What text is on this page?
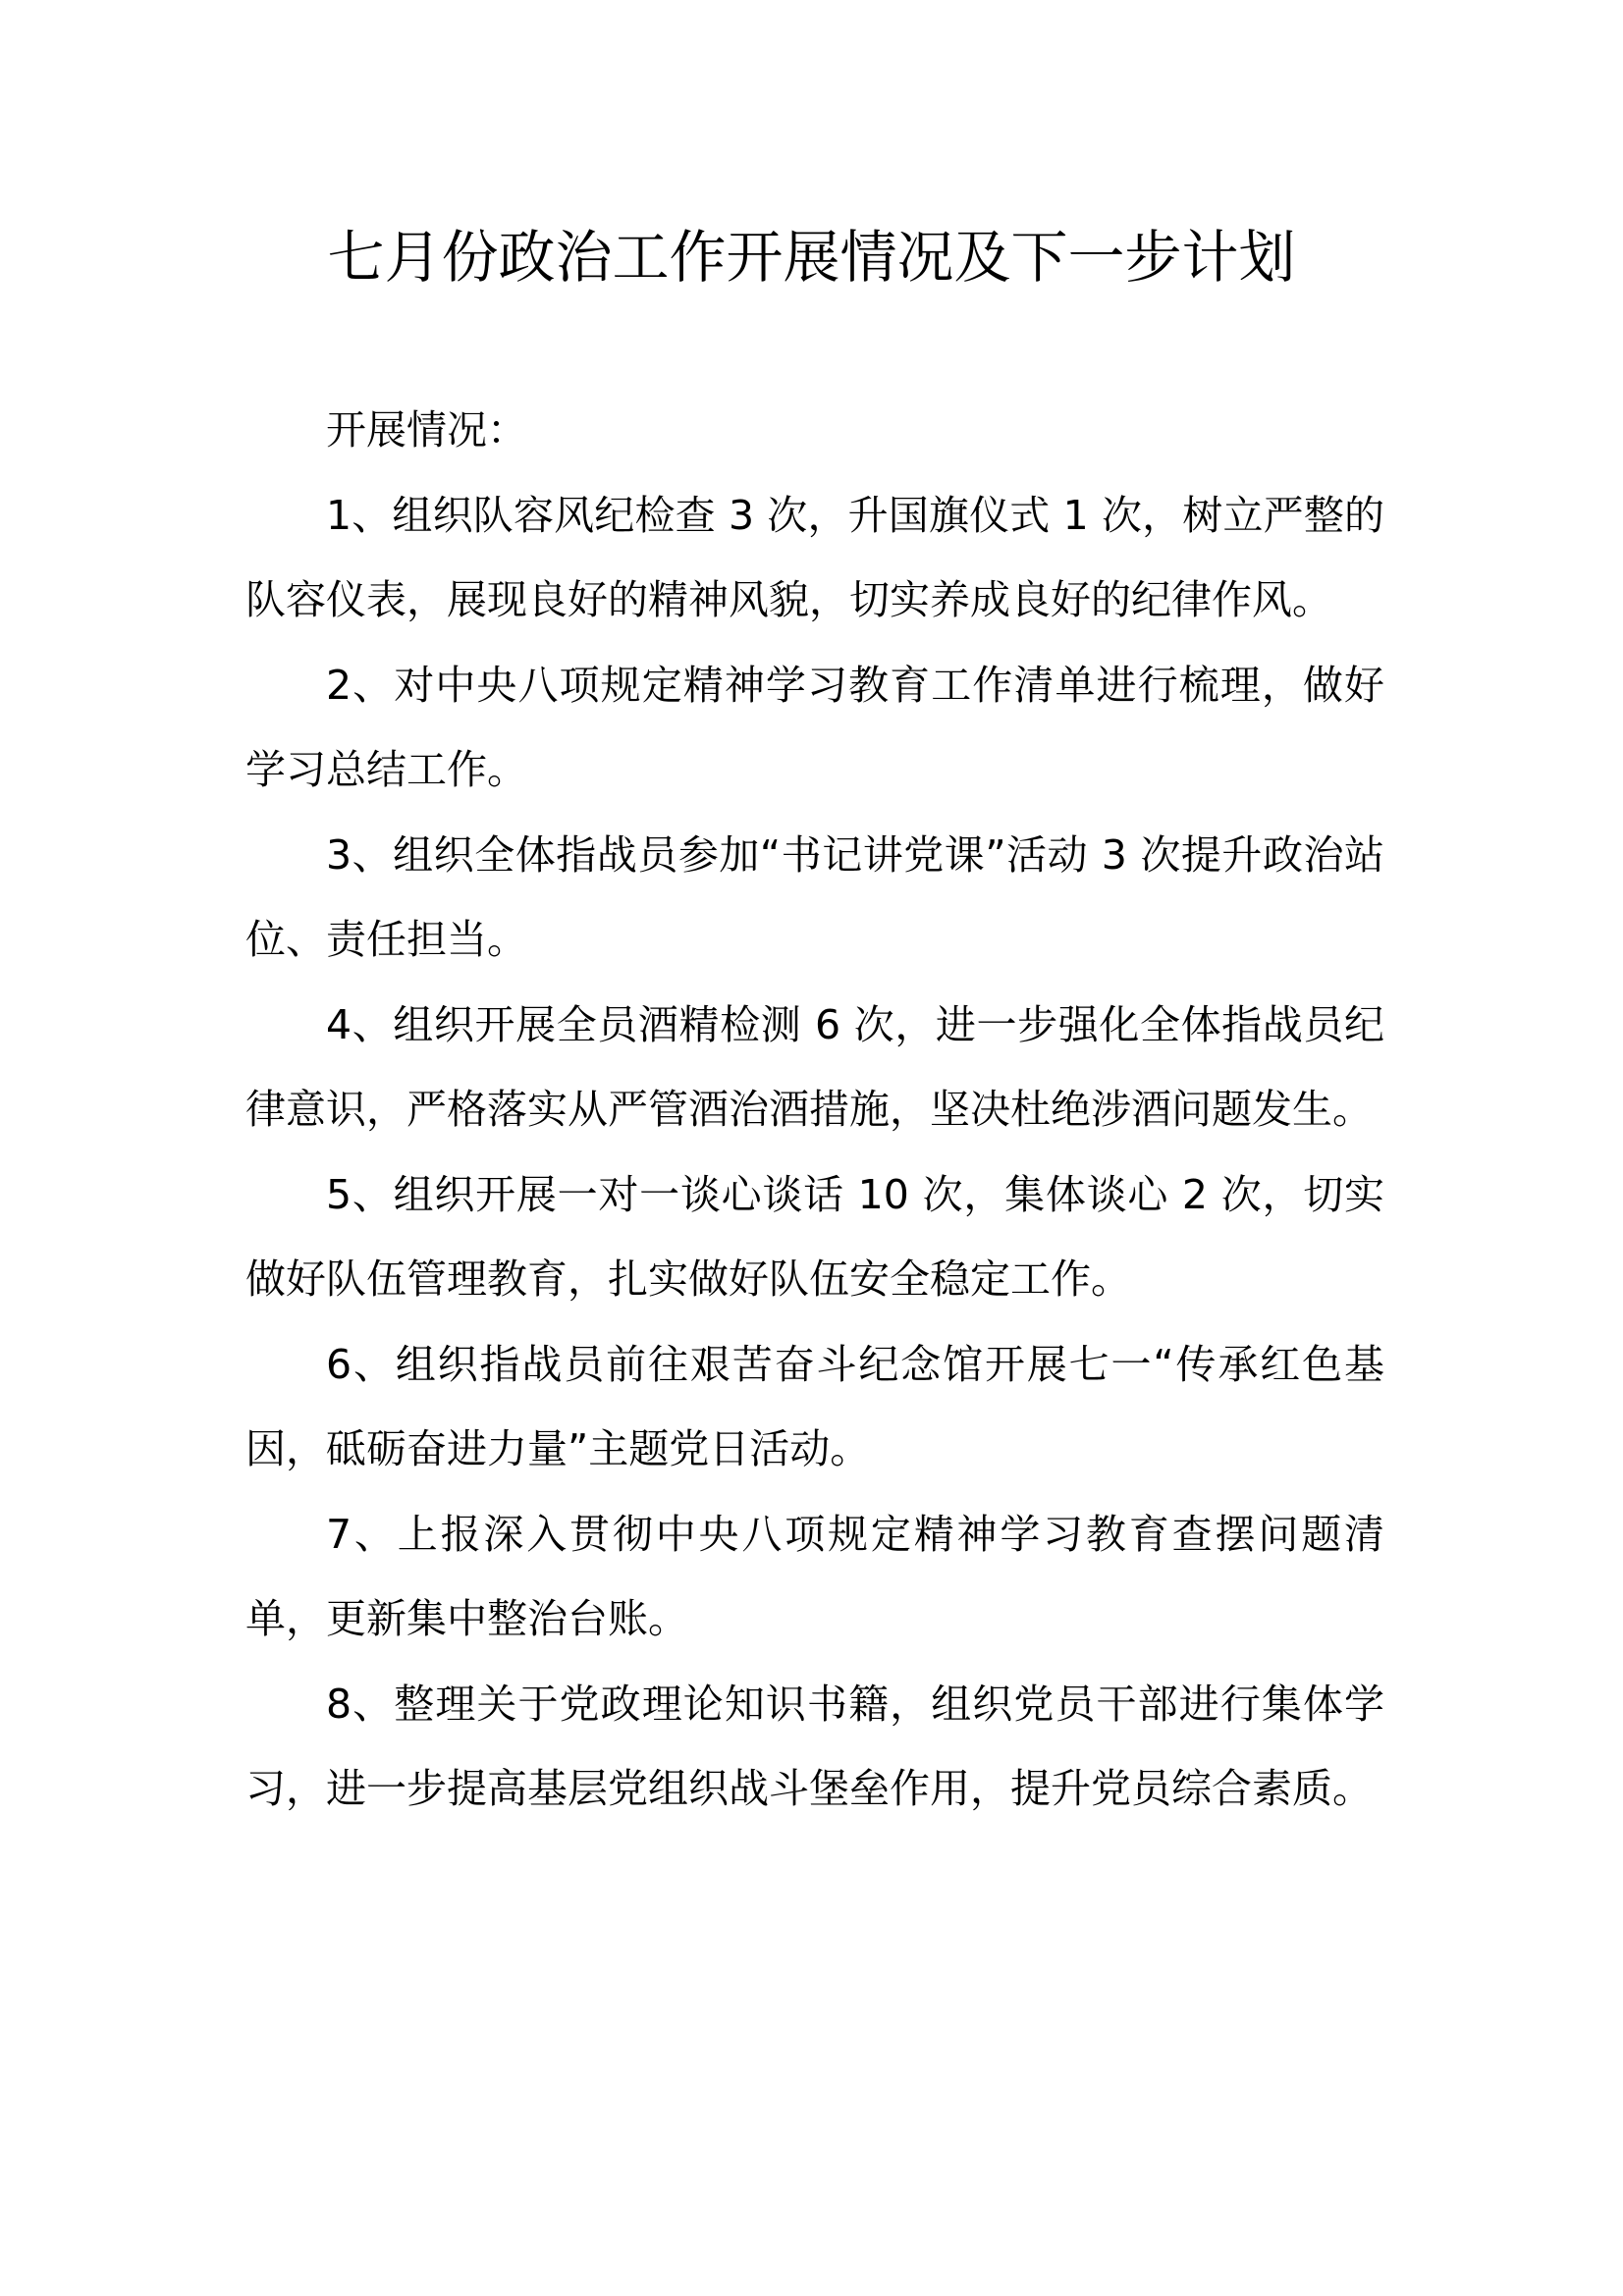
七月份政治工作开展情况及下一步计划

开展情况：

1、组织队容风纪检查 3 次，升国旗仪式 1 次，树立严整的队容仪表，展现良好的精神风貌，切实养成良好的纪律作风。

2、对中央八项规定精神学习教育工作清单进行梳理，做好学习总结工作。

3、组织全体指战员参加“书记讲党课”活动 3 次提升政治站位、责任担当。

4、组织开展全员酒精检测 6 次，进一步强化全体指战员纪律意识，严格落实从严管酒治酒措施，坚决杜绝涉酒问题发生。

5、组织开展一对一谈心谈话 10 次，集体谈心 2 次，切实做好队伍管理教育，扎实做好队伍安全稳定工作。

6、组织指战员前往艰苦奋斗纪念馆开展七一“传承红色基因，砥砺奋进力量”主题党日活动。

7、上报深入贯彻中央八项规定精神学习教育查摆问题清单，更新集中整治台账。

8、整理关于党政理论知识书籍，组织党员干部进行集体学习，进一步提高基层党组织战斗堡垒作用，提升党员综合素质。
